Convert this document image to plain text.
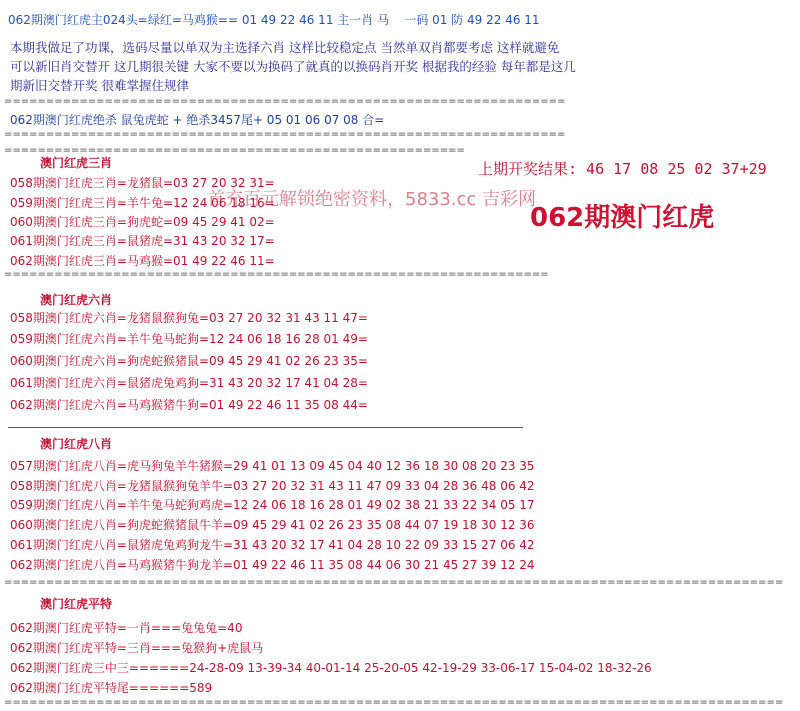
062期澳门红虎主024头=绿红=马鸡猴== 01 49 22 46 11 主一肖 马    一码 01 防 49 22 46 11
本期我做足了功课，选码尽量以单双为主选择六肖 这样比较稳定点 当然单双肖都要考虑 这样就避免
可以新旧肖交替开 这几期很关键 大家不要以为换码了就真的以换码肖开奖 根据我的经验 每年都是这几
期新旧交替开奖 很难掌握住规律
===================================================================
062期澳门红虎绝杀 鼠兔虎蛇 + 绝杀3457尾+ 05 01 06 07 08 合=
===================================================================
=======================================================
澳门红虎三肖
058期澳门红虎三肖=龙猪鼠=03 27 20 32 31=
059期澳门红虎三肖=羊牛兔=12 24 06 18 16=
060期澳门红虎三肖=狗虎蛇=09 45 29 41 02=
061期澳门红虎三肖=鼠猪虎=31 43 20 32 17=
062期澳门红虎三肖=马鸡猴=01 49 22 46 11=
=================================================================
上期开奖结果: 46 17 08 25 02 37+29
首充百元解锁绝密资料，5833.cc 吉彩网
062期澳门红虎
澳门红虎六肖
058期澳门红虎六肖=龙猪鼠猴狗兔=03 27 20 32 31 43 11 47=
059期澳门红虎六肖=羊牛兔马蛇狗=12 24 06 18 16 28 01 49=
060期澳门红虎六肖=狗虎蛇猴猪鼠=09 45 29 41 02 26 23 35=
061期澳门红虎六肖=鼠猪虎兔鸡狗=31 43 20 32 17 41 04 28=
062期澳门红虎六肖=马鸡猴猪牛狗=01 49 22 46 11 35 08 44=
澳门红虎八肖
057期澳门红虎八肖=虎马狗兔羊牛猪猴=29 41 01 13 09 45 04 40 12 36 18 30 08 20 23 35
058期澳门红虎八肖=龙猪鼠猴狗兔羊牛=03 27 20 32 31 43 11 47 09 33 04 28 36 48 06 42
059期澳门红虎八肖=羊牛兔马蛇狗鸡虎=12 24 06 18 16 28 01 49 02 38 21 33 22 34 05 17
060期澳门红虎八肖=狗虎蛇猴猪鼠牛羊=09 45 29 41 02 26 23 35 08 44 07 19 18 30 12 36
061期澳门红虎八肖=鼠猪虎兔鸡狗龙牛=31 43 20 32 17 41 04 28 10 22 09 33 15 27 06 42
062期澳门红虎八肖=马鸡猴猪牛狗龙羊=01 49 22 46 11 35 08 44 06 30 21 45 27 39 12 24
=============================================================================================
澳门红虎平特
062期澳门红虎平特=一肖===兔兔兔=40
062期澳门红虎平特=三肖===兔猴狗+虎鼠马
062期澳门红虎三中三======24-28-09 13-39-34 40-01-14 25-20-05 42-19-29 33-06-17 15-04-02 18-32-26
062期澳门红虎平特尾======589
=============================================================================================
